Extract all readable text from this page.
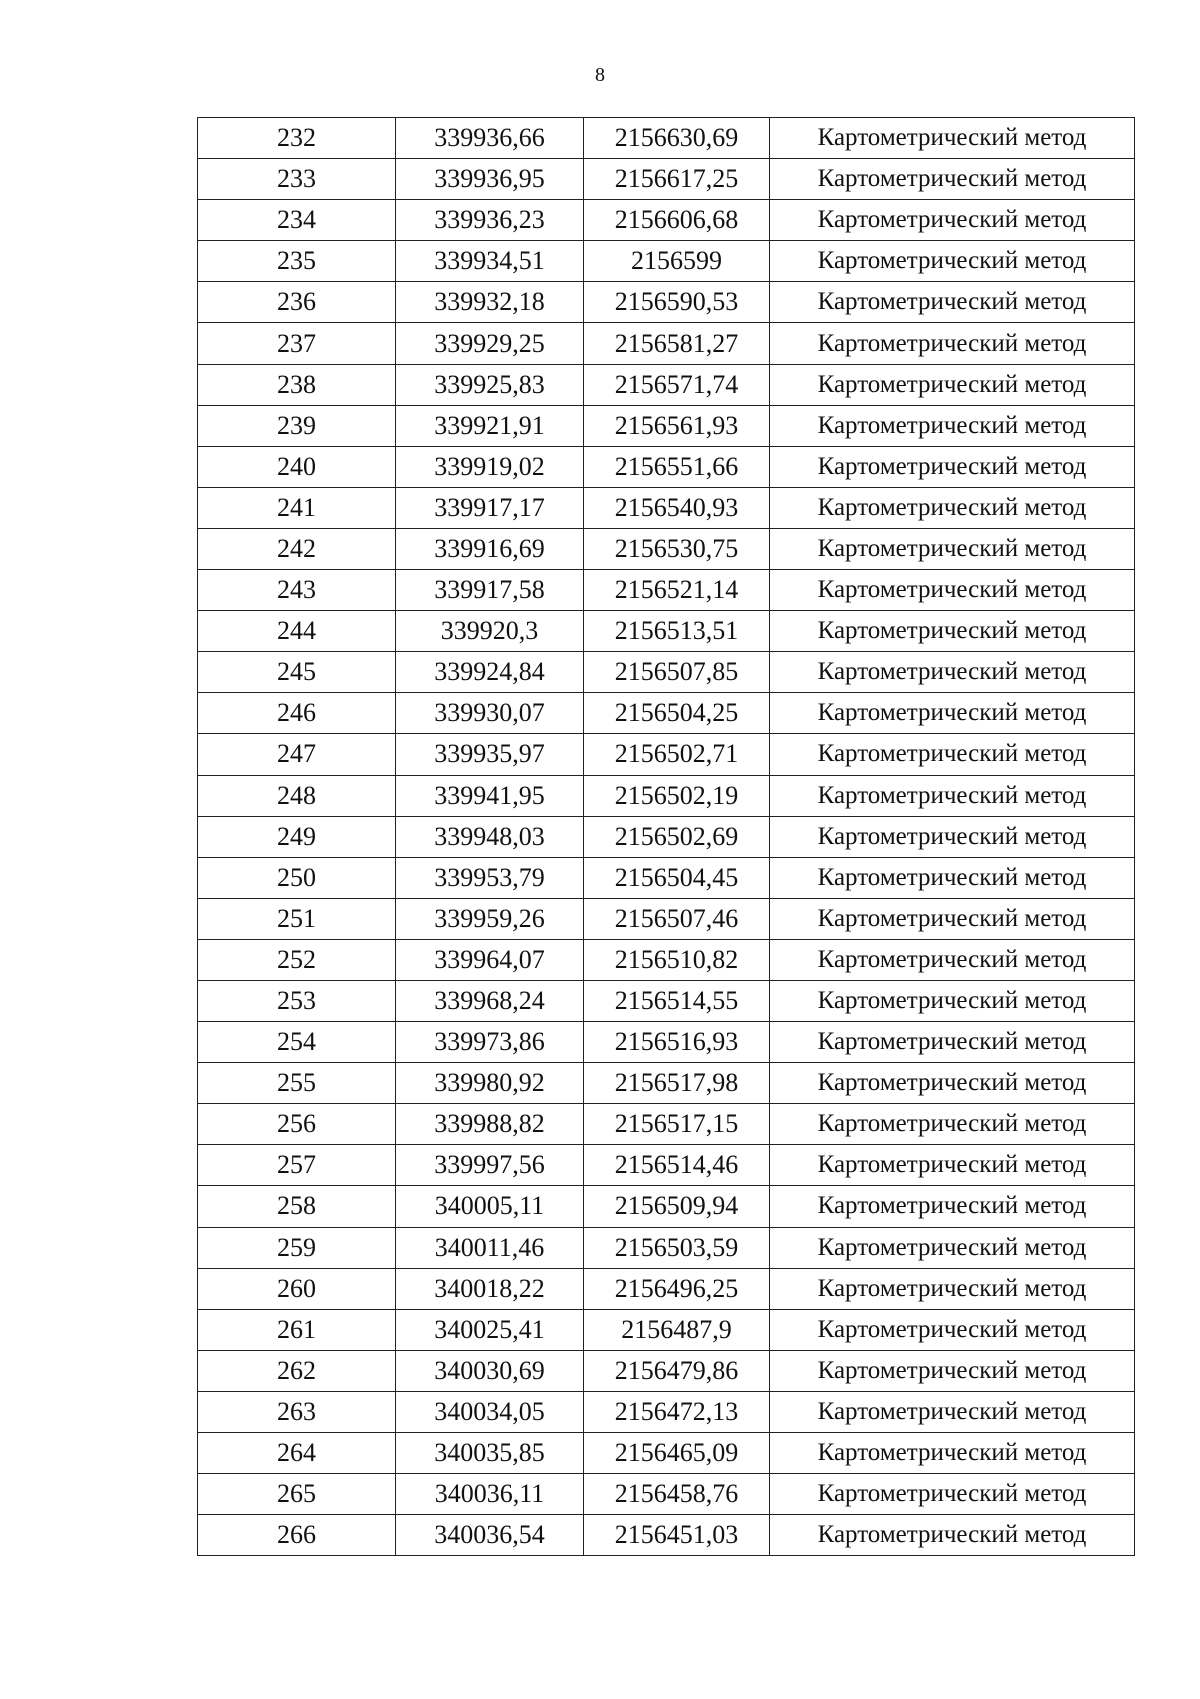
8
232	339936,66	2156630,69	Картометрический метод
233	339936,95	2156617,25	Картометрический метод
234	339936,23	2156606,68	Картометрический метод
235	339934,51	2156599	Картометрический метод
236	339932,18	2156590,53	Картометрический метод
237	339929,25	2156581,27	Картометрический метод
238	339925,83	2156571,74	Картометрический метод
239	339921,91	2156561,93	Картометрический метод
240	339919,02	2156551,66	Картометрический метод
241	339917,17	2156540,93	Картометрический метод
242	339916,69	2156530,75	Картометрический метод
243	339917,58	2156521,14	Картометрический метод
244	339920,3	2156513,51	Картометрический метод
245	339924,84	2156507,85	Картометрический метод
246	339930,07	2156504,25	Картометрический метод
247	339935,97	2156502,71	Картометрический метод
248	339941,95	2156502,19	Картометрический метод
249	339948,03	2156502,69	Картометрический метод
250	339953,79	2156504,45	Картометрический метод
251	339959,26	2156507,46	Картометрический метод
252	339964,07	2156510,82	Картометрический метод
253	339968,24	2156514,55	Картометрический метод
254	339973,86	2156516,93	Картометрический метод
255	339980,92	2156517,98	Картометрический метод
256	339988,82	2156517,15	Картометрический метод
257	339997,56	2156514,46	Картометрический метод
258	340005,11	2156509,94	Картометрический метод
259	340011,46	2156503,59	Картометрический метод
260	340018,22	2156496,25	Картометрический метод
261	340025,41	2156487,9	Картометрический метод
262	340030,69	2156479,86	Картометрический метод
263	340034,05	2156472,13	Картометрический метод
264	340035,85	2156465,09	Картометрический метод
265	340036,11	2156458,76	Картометрический метод
266	340036,54	2156451,03	Картометрический метод
